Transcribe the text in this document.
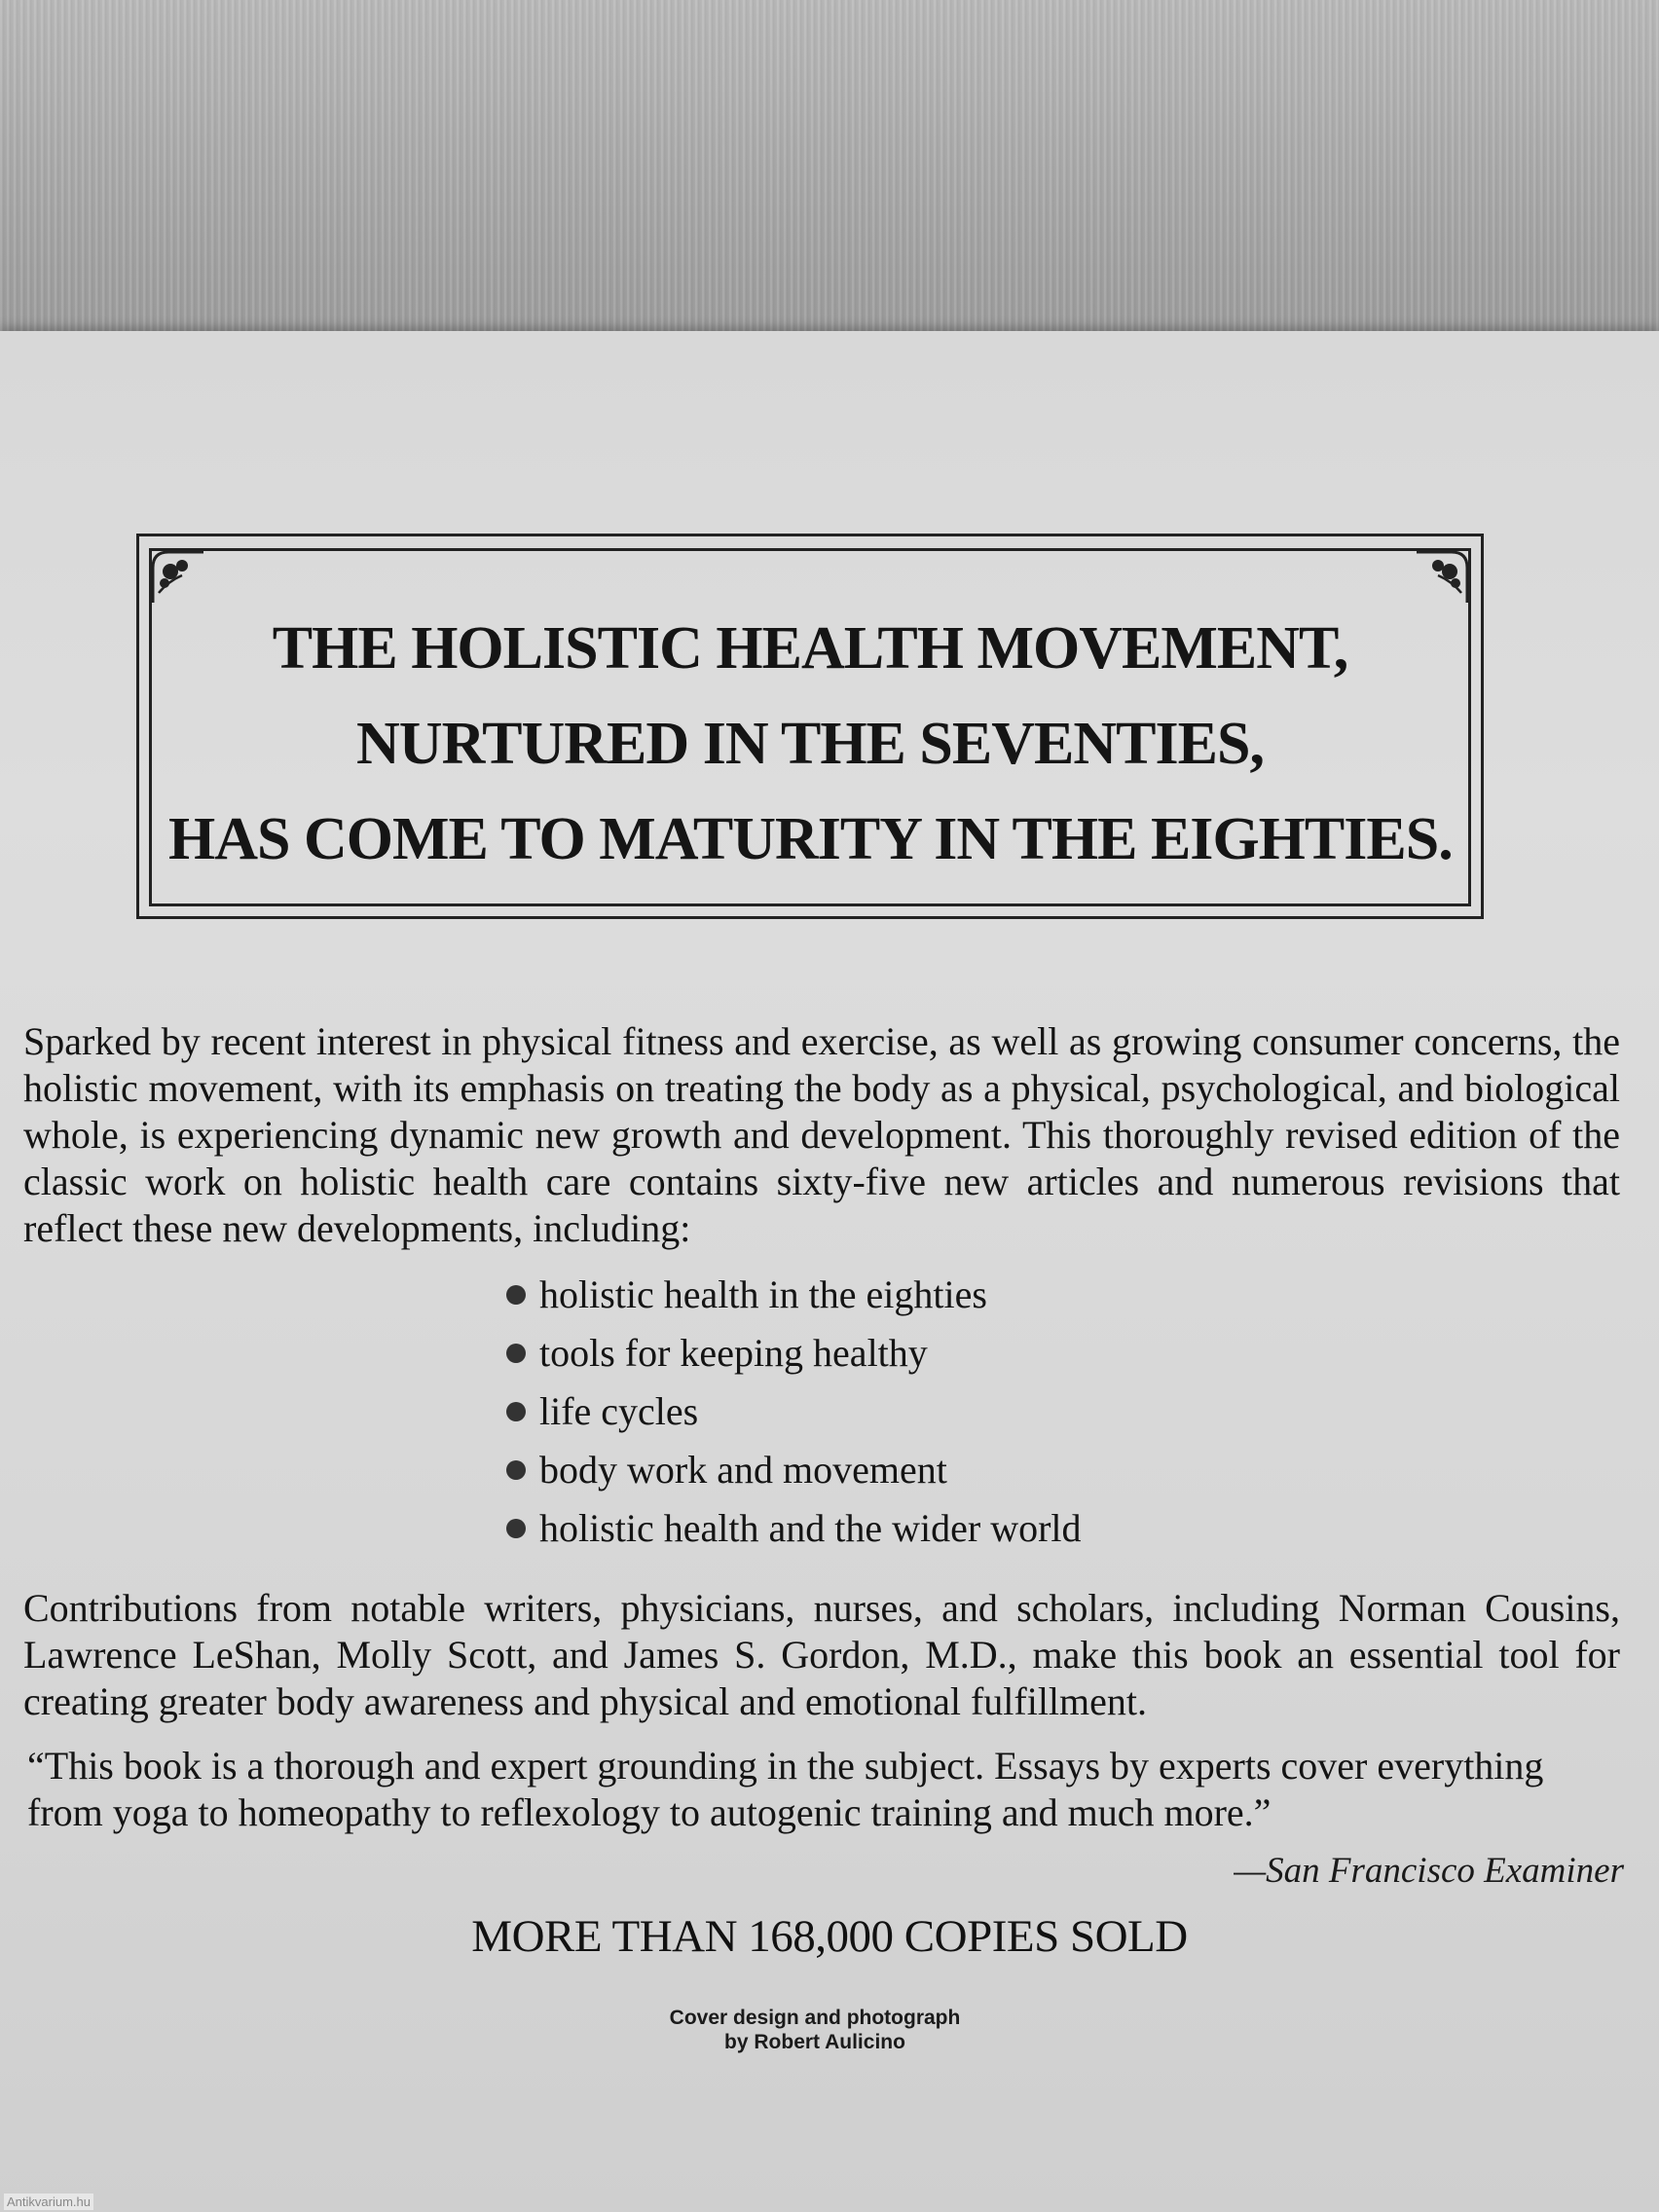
THE HOLISTIC HEALTH MOVEMENT,
NURTURED IN THE SEVENTIES,
HAS COME TO MATURITY IN THE EIGHTIES.

Sparked by recent interest in physical fitness and exercise, as well as growing consumer concerns, the holistic movement, with its emphasis on treating the body as a physical, psychological, and biological whole, is experiencing dynamic new growth and development. This thoroughly revised edition of the classic work on holistic health care contains sixty-five new articles and numerous revisions that reflect these new developments, including:

holistic health in the eighties
tools for keeping healthy
life cycles
body work and movement
holistic health and the wider world

Contributions from notable writers, physicians, nurses, and scholars, including Norman Cousins, Lawrence LeShan, Molly Scott, and James S. Gordon, M.D., make this book an essential tool for creating greater body awareness and physical and emotional fulfillment.

“This book is a thorough and expert grounding in the subject. Essays by experts cover everything from yoga to homeopathy to reflexology to autogenic training and much more.”

—San Francisco Examiner
MORE THAN 168,000 COPIES SOLD
Cover design and photograph
by Robert Aulicino
Antikvarium.hu
